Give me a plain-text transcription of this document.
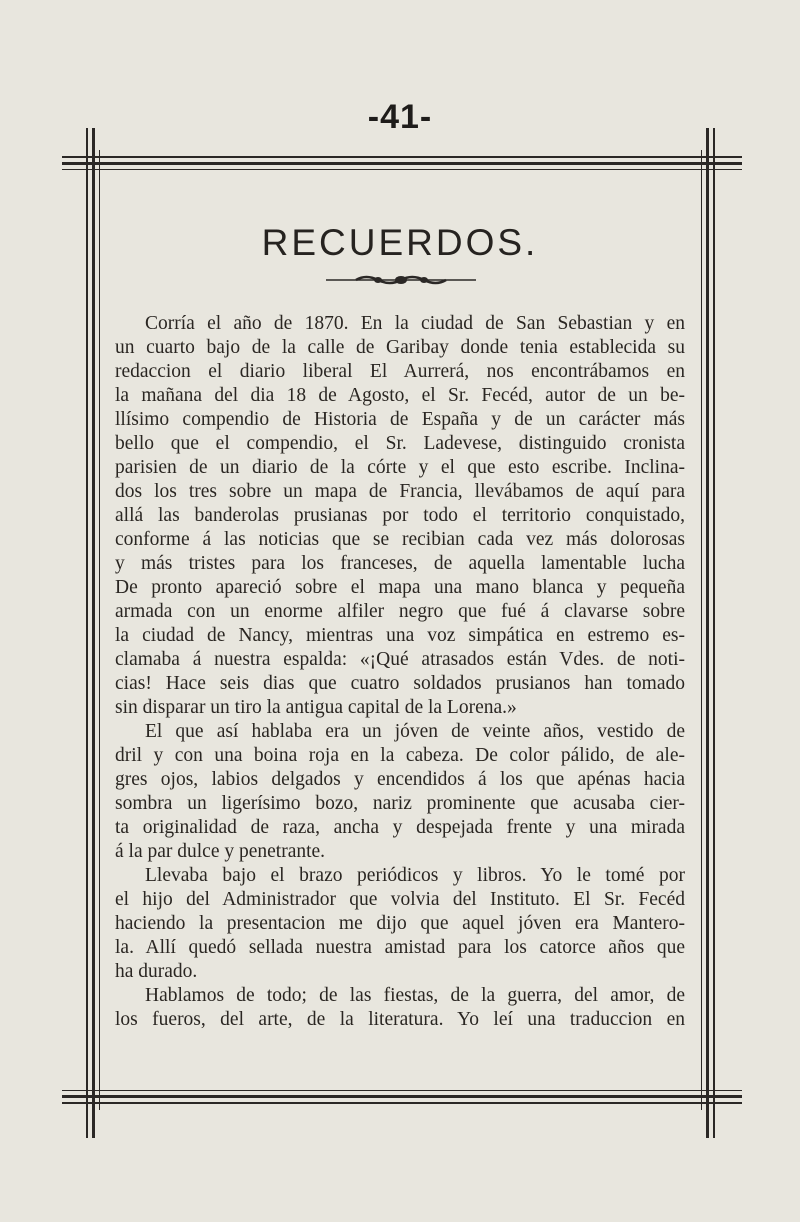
-41-
RECUERDOS.
Corría el año de 1870. En la ciudad de San Sebastian y en
un cuarto bajo de la calle de Garibay donde tenia establecida su
redaccion el diario liberal El Aurrerá, nos encontrábamos en
la mañana del dia 18 de Agosto, el Sr. Fecéd, autor de un be-
llísimo compendio de Historia de España y de un carácter más
bello que el compendio, el Sr. Ladevese, distinguido cronista
parisien de un diario de la córte y el que esto escribe. Inclina-
dos los tres sobre un mapa de Francia, llevábamos de aquí para
allá las banderolas prusianas por todo el territorio conquistado,
conforme á las noticias que se recibian cada vez más dolorosas
y más tristes para los franceses, de aquella lamentable lucha
De pronto apareció sobre el mapa una mano blanca y pequeña
armada con un enorme alfiler negro que fué á clavarse sobre
la ciudad de Nancy, mientras una voz simpática en estremo es-
clamaba á nuestra espalda: «¡Qué atrasados están Vdes. de noti-
cias! Hace seis dias que cuatro soldados prusianos han tomado
sin disparar un tiro la antigua capital de la Lorena.»
El que así hablaba era un jóven de veinte años, vestido de
dril y con una boina roja en la cabeza. De color pálido, de ale-
gres ojos, labios delgados y encendidos á los que apénas hacia
sombra un ligerísimo bozo, nariz prominente que acusaba cier-
ta originalidad de raza, ancha y despejada frente y una mirada
á la par dulce y penetrante.
Llevaba bajo el brazo periódicos y libros. Yo le tomé por
el hijo del Administrador que volvia del Instituto. El Sr. Fecéd
haciendo la presentacion me dijo que aquel jóven era Mantero-
la. Allí quedó sellada nuestra amistad para los catorce años que
ha durado.
Hablamos de todo; de las fiestas, de la guerra, del amor, de
los fueros, del arte, de la literatura. Yo leí una traduccion en
